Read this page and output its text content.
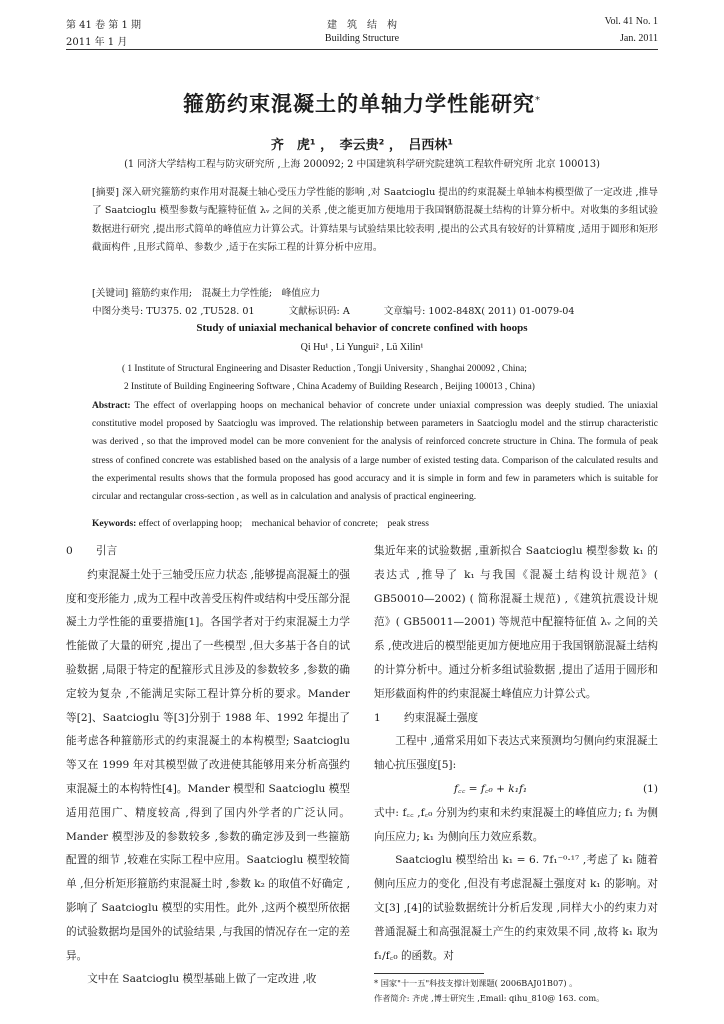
第 41 卷 第 1 期
2011 年 1 月
建　筑　结　构
Building Structure
Vol. 41 No. 1
Jan. 2011
箍筋约束混凝土的单轴力学性能研究*
齐　虎¹ ，　李云贵² ，　吕西林¹
(1 同济大学结构工程与防灾研究所 ,上海 200092; 2 中国建筑科学研究院建筑工程软件研究所 北京 100013)
[摘要] 深入研究箍筋约束作用对混凝土轴心受压力学性能的影响 ,对 Saatcioglu 提出的约束混凝土单轴本构模型做了一定改进 ,推导了 Saatcioglu 模型参数与配箍特征值 λᵥ 之间的关系 ,使之能更加方便地用于我国钢筋混凝土结构的计算分析中。对收集的多组试验数据进行研究 ,提出形式简单的峰值应力计算公式。计算结果与试验结果比较表明 ,提出的公式具有较好的计算精度 ,适用于圆形和矩形截面构件 ,且形式简单、参数少 ,适于在实际工程的计算分析中应用。
[关键词] 箍筋约束作用;　混凝土力学性能;　峰值应力
中图分类号: TU375. 02 ,TU528. 01	文献标识码: A	文章编号: 1002-848X( 2011) 01-0079-04
Study of uniaxial mechanical behavior of concrete confined with hoops
Qi Hu¹ , Li Yungui² , Lü Xilin¹
( 1 Institute of Structural Engineering and Disaster Reduction , Tongji University , Shanghai 200092 , China;
2 Institute of Building Engineering Software , China Academy of Building Research , Beijing 100013 , China)
Abstract: The effect of overlapping hoops on mechanical behavior of concrete under uniaxial compression was deeply studied. The uniaxial constitutive model proposed by Saatcioglu was improved. The relationship between parameters in Saatcioglu model and the stirrup characteristic was derived , so that the improved model can be more convenient for the analysis of reinforced concrete structure in China. The formula of peak stress of confined concrete was established based on the analysis of a large number of existed testing data. Comparison of the calculated results and the experimental results shows that the formula proposed has good accuracy and it is simple in form and few in parameters which is suitable for circular and rectangular cross-section , as well as in calculation and analysis of practical engineering.
Keywords: effect of overlapping hoop;　mechanical behavior of concrete;　peak stress

0 引言

约束混凝土处于三轴受压应力状态 ,能够提高混凝土的强度和变形能力 ,成为工程中改善受压构件或结构中受压部分混凝土力学性能的重要措施[1]。各国学者对于约束混凝土力学性能做了大量的研究 ,提出了一些模型 ,但大多基于各自的试验数据 ,局限于特定的配箍形式且涉及的参数较多 ,参数的确定较为复杂 ,不能满足实际工程计算分析的要求。Mander 等[2]、Saatcioglu 等[3]分别于 1988 年、1992 年提出了能考虑各种箍筋形式的约束混凝土的本构模型; Saatcioglu 等又在 1999 年对其模型做了改进使其能够用来分析高强约束混凝土的本构特性[4]。Mander 模型和 Saatcioglu 模型适用范围广、精度较高 ,得到了国内外学者的广泛认同。Mander 模型涉及的参数较多 ,参数的确定涉及到一些箍筋配置的细节 ,较难在实际工程中应用。Saatcioglu 模型较简单 ,但分析矩形箍筋约束混凝土时 ,参数 k₂ 的取值不好确定 ,影响了 Saatcioglu 模型的实用性。此外 ,这两个模型所依据的试验数据均是国外的试验结果 ,与我国的情况存在一定的差异。

文中在 Saatcioglu 模型基础上做了一定改进 ,收

集近年来的试验数据 ,重新拟合 Saatcioglu 模型参数 k₁ 的表达式 ,推导了 k₁ 与我国《混凝土结构设计规范》( GB50010—2002) ( 简称混凝土规范) ,《建筑抗震设计规范》( GB50011—2001) 等规范中配箍特征值 λᵥ 之间的关系 ,使改进后的模型能更加方便地应用于我国钢筋混凝土结构的计算分析中。通过分析多组试验数据 ,提出了适用于圆形和矩形截面构件的约束混凝土峰值应力计算公式。

1 约束混凝土强度

工程中 ,通常采用如下表达式来预测均匀侧向约束混凝土轴心抗压强度[5]:

f꜀꜀ = f꜀₀ + k₁f₁	(1)

式中: f꜀꜀ ,f꜀₀ 分别为约束和未约束混凝土的峰值应力; f₁ 为侧向压应力; k₁ 为侧向压力效应系数。

Saatcioglu 模型给出 k₁ = 6. 7f₁⁻⁰·¹⁷ ,考虑了 k₁ 随着侧向压应力的变化 ,但没有考虑混凝土强度对 k₁ 的影响。对文[3] ,[4]的试验数据统计分析后发现 ,同样大小的约束力对普通混凝土和高强混凝土产生的约束效果不同 ,故将 k₁ 取为 f₁/f꜀₀ 的函数。对

* 国家"十一五"科技支撑计划课题( 2006BAJ01B07) 。
作者简介: 齐虎 ,博士研究生 ,Email: qihu_810@ 163. com。
